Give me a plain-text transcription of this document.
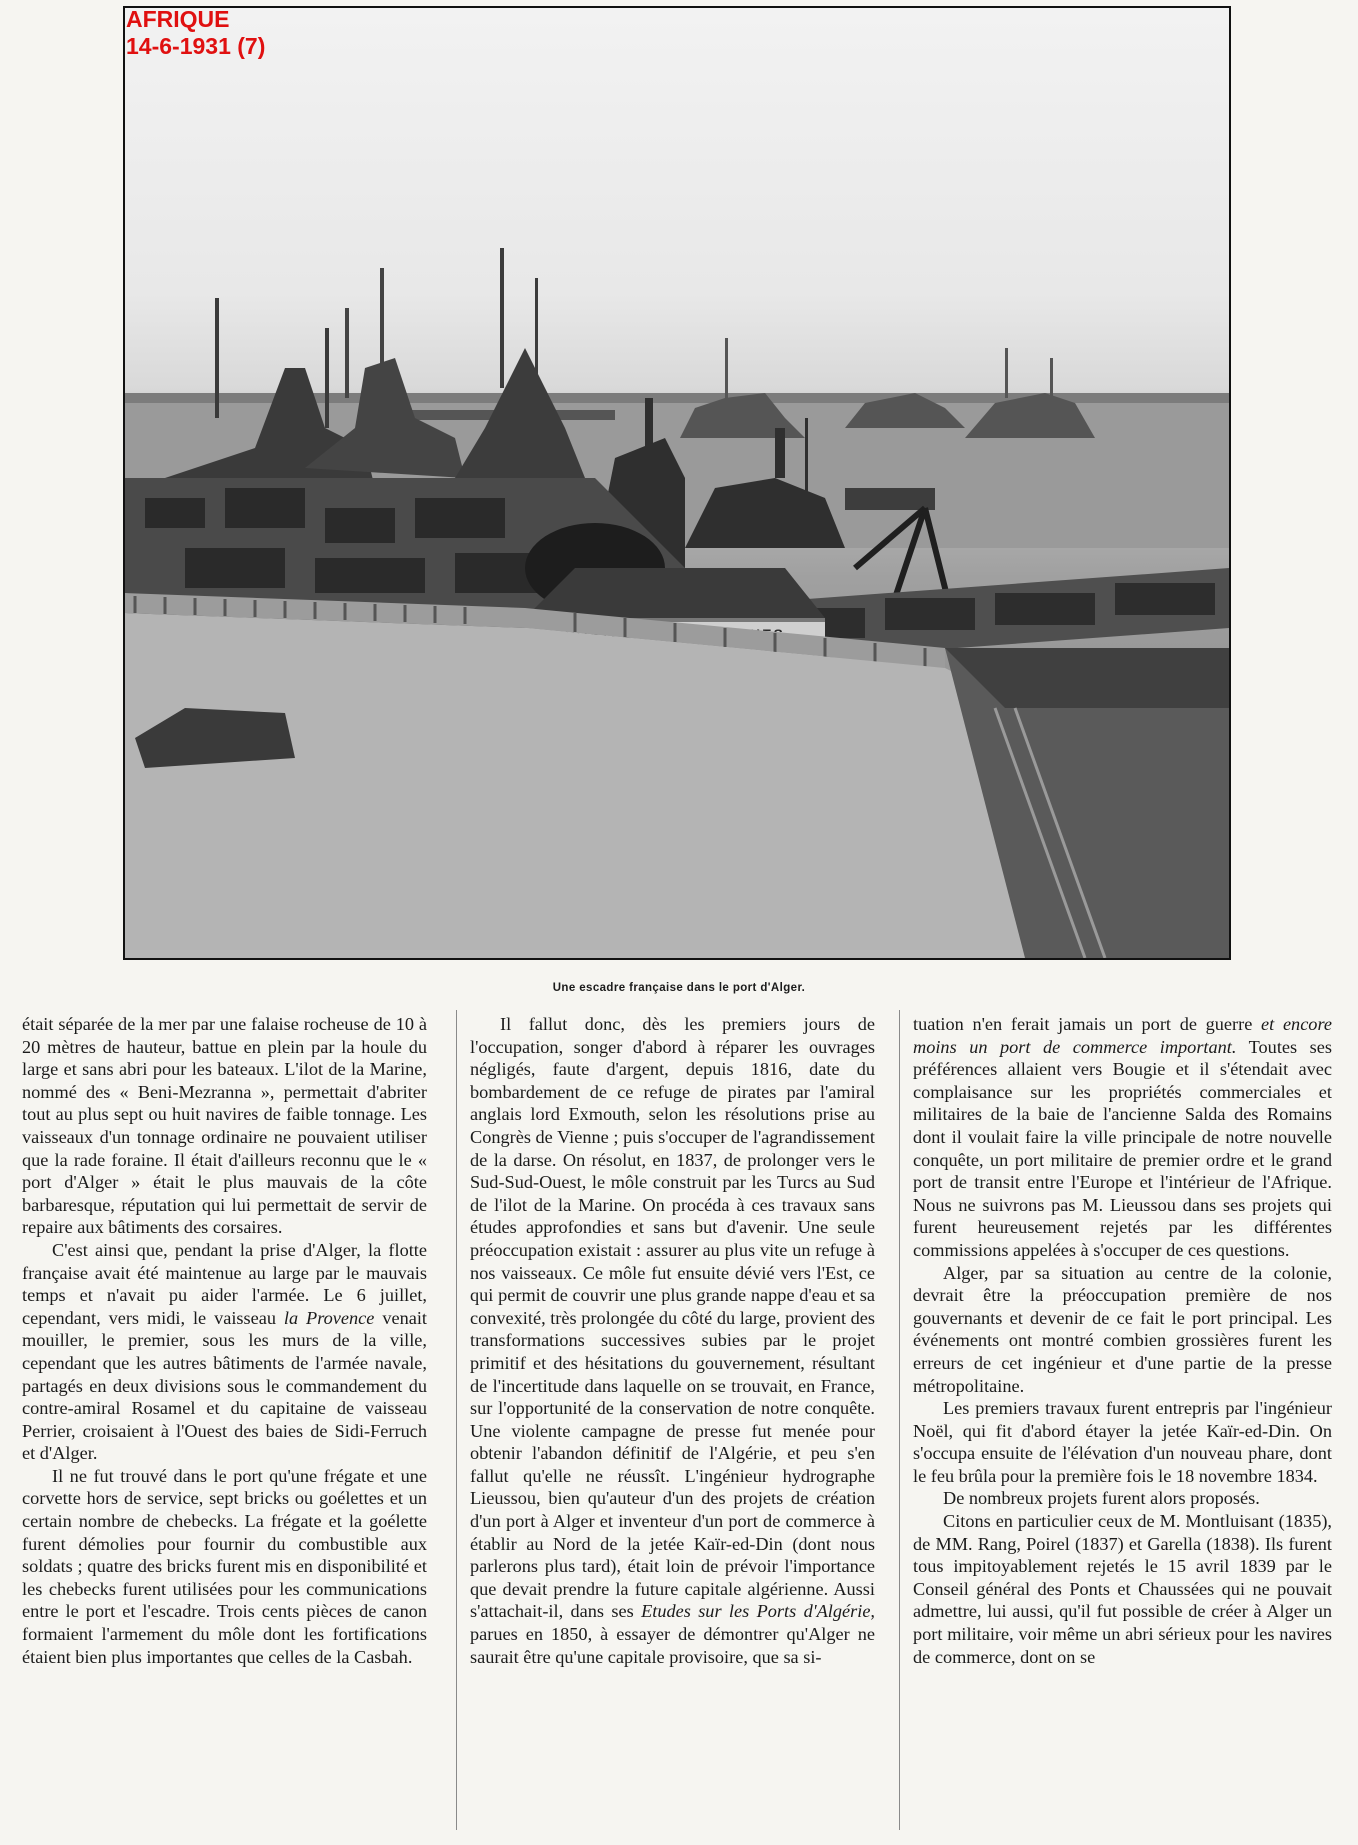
AFRIQUE
14-6-1931 (7)
Une escadre française dans le port d'Alger.

était séparée de la mer par une falaise rocheuse de 10 à 20 mètres de hauteur, battue en plein par la houle du large et sans abri pour les bateaux. L'ilot de la Marine, nommé des « Beni-Mezranna », permettait d'abriter tout au plus sept ou huit navires de faible tonnage. Les vaisseaux d'un tonnage ordinaire ne pouvaient utiliser que la rade foraine. Il était d'ailleurs reconnu que le « port d'Alger » était le plus mauvais de la côte barbaresque, réputation qui lui permettait de servir de repaire aux bâtiments des corsaires.

C'est ainsi que, pendant la prise d'Alger, la flotte française avait été maintenue au large par le mauvais temps et n'avait pu aider l'armée. Le 6 juillet, cependant, vers midi, le vaisseau la Provence venait mouiller, le premier, sous les murs de la ville, cependant que les autres bâtiments de l'armée navale, partagés en deux divisions sous le commandement du contre-amiral Rosamel et du capitaine de vaisseau Perrier, croisaient à l'Ouest des baies de Sidi-Ferruch et d'Alger.

Il ne fut trouvé dans le port qu'une frégate et une corvette hors de service, sept bricks ou goélettes et un certain nombre de chebecks. La frégate et la goélette furent démolies pour fournir du combustible aux soldats ; quatre des bricks furent mis en disponibilité et les chebecks furent utilisées pour les communications entre le port et l'escadre. Trois cents pièces de canon formaient l'armement du môle dont les fortifications étaient bien plus importantes que celles de la Casbah.

Il fallut donc, dès les premiers jours de l'occupation, songer d'abord à réparer les ouvrages négligés, faute d'argent, depuis 1816, date du bombardement de ce refuge de pirates par l'amiral anglais lord Exmouth, selon les résolutions prise au Congrès de Vienne ; puis s'occuper de l'agrandissement de la darse. On résolut, en 1837, de prolonger vers le Sud-Sud-Ouest, le môle construit par les Turcs au Sud de l'ilot de la Marine. On procéda à ces travaux sans études approfondies et sans but d'avenir. Une seule préoccupation existait : assurer au plus vite un refuge à nos vaisseaux. Ce môle fut ensuite dévié vers l'Est, ce qui permit de couvrir une plus grande nappe d'eau et sa convexité, très prolongée du côté du large, provient des transformations successives subies par le projet primitif et des hésitations du gouvernement, résultant de l'incertitude dans laquelle on se trouvait, en France, sur l'opportunité de la conservation de notre conquête. Une violente campagne de presse fut menée pour obtenir l'abandon définitif de l'Algérie, et peu s'en fallut qu'elle ne réussît. L'ingénieur hydrographe Lieussou, bien qu'auteur d'un des projets de création d'un port à Alger et inventeur d'un port de commerce à établir au Nord de la jetée Kaïr-ed-Din (dont nous parlerons plus tard), était loin de prévoir l'importance que devait prendre la future capitale algérienne. Aussi s'attachait-il, dans ses Etudes sur les Ports d'Algérie, parues en 1850, à essayer de démontrer qu'Alger ne saurait être qu'une capitale provisoire, que sa si-

tuation n'en ferait jamais un port de guerre et encore moins un port de commerce important. Toutes ses préférences allaient vers Bougie et il s'étendait avec complaisance sur les propriétés commerciales et militaires de la baie de l'ancienne Salda des Romains dont il voulait faire la ville principale de notre nouvelle conquête, un port militaire de premier ordre et le grand port de transit entre l'Europe et l'intérieur de l'Afrique. Nous ne suivrons pas M. Lieussou dans ses projets qui furent heureusement rejetés par les différentes commissions appelées à s'occuper de ces questions.

Alger, par sa situation au centre de la colonie, devrait être la préoccupation première de nos gouvernants et devenir de ce fait le port principal. Les événements ont montré combien grossières furent les erreurs de cet ingénieur et d'une partie de la presse métropolitaine.

Les premiers travaux furent entrepris par l'ingénieur Noël, qui fit d'abord étayer la jetée Kaïr-ed-Din. On s'occupa ensuite de l'élévation d'un nouveau phare, dont le feu brûla pour la première fois le 18 novembre 1834.

De nombreux projets furent alors proposés.

Citons en particulier ceux de M. Montluisant (1835), de MM. Rang, Poirel (1837) et Garella (1838). Ils furent tous impitoyablement rejetés le 15 avril 1839 par le Conseil général des Ponts et Chaussées qui ne pouvait admettre, lui aussi, qu'il fut possible de créer à Alger un port militaire, voir même un abri sérieux pour les navires de commerce, dont on se
